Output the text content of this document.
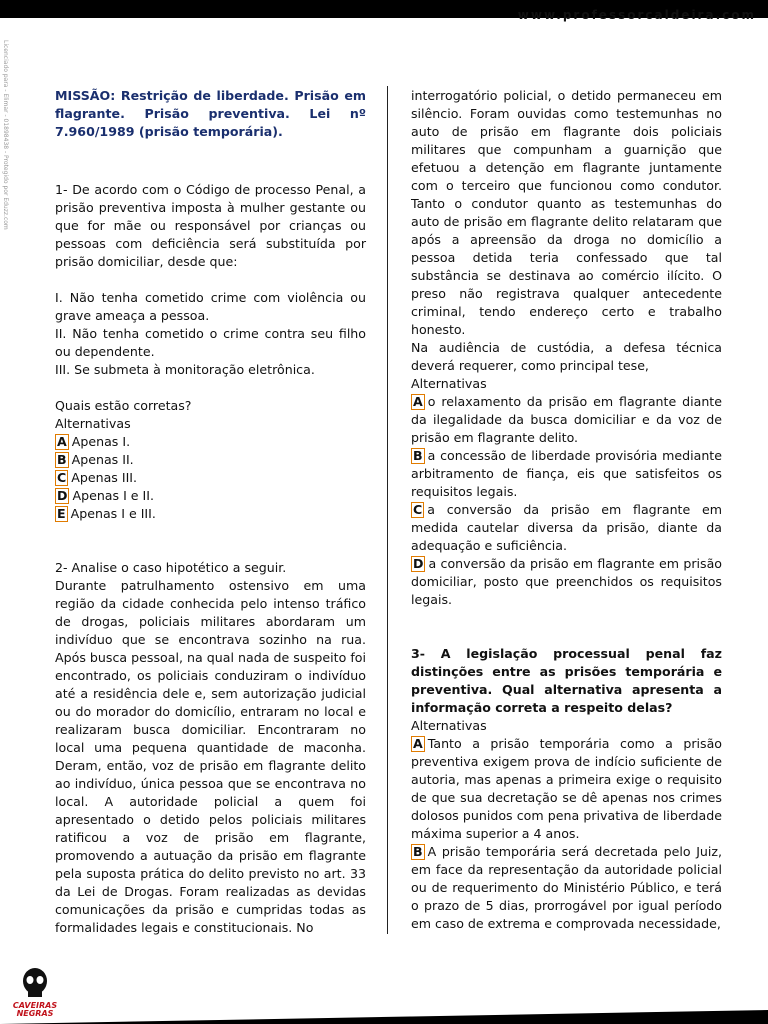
www.professorcaldeira.com
Licenciado para - Elimar - 01898438 - Protegido por Eduzz.com	MISSÃO: Restrição de liberdade. Prisão em flagrante. Prisão preventiva. Lei nº 7.960/1989 (prisão temporária).

1- De acordo com o Código de processo Penal, a prisão preventiva imposta à mulher gestante ou que for mãe ou responsável por crianças ou pessoas com deficiência será substituída por prisão domiciliar, desde que:

I. Não tenha cometido crime com violência ou grave ameaça a pessoa.

II. Não tenha cometido o crime contra seu filho ou dependente.

III. Se submeta à monitoração eletrônica.

Quais estão corretas?

Alternativas

A Apenas I.

B Apenas II.

C Apenas III.

D Apenas I e II.

E Apenas I e III.

2- Analise o caso hipotético a seguir.
Durante patrulhamento ostensivo em uma região da cidade conhecida pelo intenso tráfico de drogas, policiais militares abordaram um indivíduo que se encontrava sozinho na rua. Após busca pessoal, na qual nada de suspeito foi encontrado, os policiais conduziram o indivíduo até a residência dele e, sem autorização judicial ou do morador do domicílio, entraram no local e realizaram busca domiciliar. Encontraram no local uma pequena quantidade de maconha. Deram, então, voz de prisão em flagrante delito ao indivíduo, única pessoa que se encontrava no local. A autoridade policial a quem foi apresentado o detido pelos policiais militares ratificou a voz de prisão em flagrante, promovendo a autuação da prisão em flagrante pela suposta prática do delito previsto no art. 33 da Lei de Drogas. Foram realizadas as devidas comunicações da prisão e cumpridas todas as formalidades legais e constitucionais. No

interrogatório policial, o detido permaneceu em silêncio. Foram ouvidas como testemunhas no auto de prisão em flagrante dois policiais militares que compunham a guarnição que efetuou a detenção em flagrante juntamente com o terceiro que funcionou como condutor. Tanto o condutor quanto as testemunhas do auto de prisão em flagrante delito relataram que após a apreensão da droga no domicílio a pessoa detida teria confessado que tal substância se destinava ao comércio ilícito. O preso não registrava qualquer antecedente criminal, tendo endereço certo e trabalho honesto.

Na audiência de custódia, a defesa técnica deverá requerer, como principal tese,

Alternativas

A o relaxamento da prisão em flagrante diante da ilegalidade da busca domiciliar e da voz de prisão em flagrante delito.

B a concessão de liberdade provisória mediante arbitramento de fiança, eis que satisfeitos os requisitos legais.

C a conversão da prisão em flagrante em medida cautelar diversa da prisão, diante da adequação e suficiência.

D a conversão da prisão em flagrante em prisão domiciliar, posto que preenchidos os requisitos legais.

3- A legislação processual penal faz distinções entre as prisões temporária e preventiva. Qual alternativa apresenta a informação correta a respeito delas?

Alternativas

A Tanto a prisão temporária como a prisão preventiva exigem prova de indício suficiente de autoria, mas apenas a primeira exige o requisito de que sua decretação se dê apenas nos crimes dolosos punidos com pena privativa de liberdade máxima superior a 4 anos.

B A prisão temporária será decretada pelo Juiz, em face da representação da autoridade policial ou de requerimento do Ministério Público, e terá o prazo de 5 dias, prorrogável por igual período em caso de extrema e comprovada necessidade,

CAVEIRAS
NEGRAS
